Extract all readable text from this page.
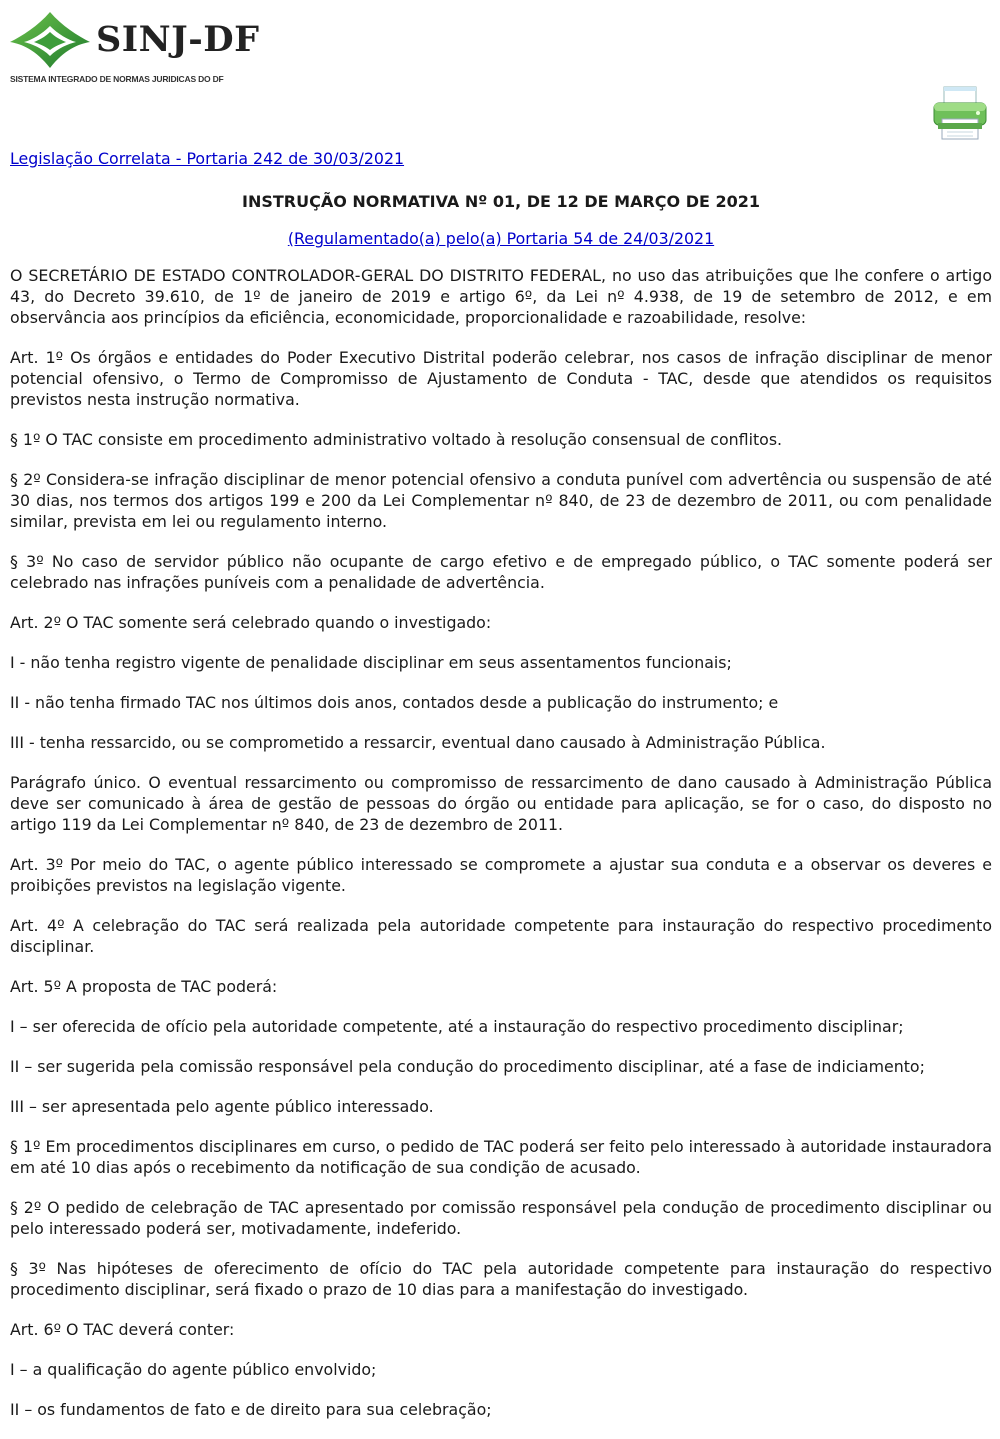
SINJ-DF
SISTEMA INTEGRADO DE NORMAS JURIDICAS DO DF

Legislação Correlata - Portaria 242 de 30/03/2021

INSTRUÇÃO NORMATIVA Nº 01, DE 12 DE MARÇO DE 2021

(Regulamentado(a) pelo(a) Portaria 54 de 24/03/2021

O SECRETÁRIO DE ESTADO CONTROLADOR-GERAL DO DISTRITO FEDERAL, no uso das atribuições que lhe confere o artigo 43, do Decreto 39.610, de 1º de janeiro de 2019 e artigo 6º, da Lei nº 4.938, de 19 de setembro de 2012, e em observância aos princípios da eficiência, economicidade, proporcionalidade e razoabilidade, resolve:

Art. 1º Os órgãos e entidades do Poder Executivo Distrital poderão celebrar, nos casos de infração disciplinar de menor potencial ofensivo, o Termo de Compromisso de Ajustamento de Conduta - TAC, desde que atendidos os requisitos previstos nesta instrução normativa.

§ 1º O TAC consiste em procedimento administrativo voltado à resolução consensual de conflitos.

§ 2º Considera-se infração disciplinar de menor potencial ofensivo a conduta punível com advertência ou suspensão de até 30 dias, nos termos dos artigos 199 e 200 da Lei Complementar nº 840, de 23 de dezembro de 2011, ou com penalidade similar, prevista em lei ou regulamento interno.

§ 3º No caso de servidor público não ocupante de cargo efetivo e de empregado público, o TAC somente poderá ser celebrado nas infrações puníveis com a penalidade de advertência.

Art. 2º O TAC somente será celebrado quando o investigado:

I - não tenha registro vigente de penalidade disciplinar em seus assentamentos funcionais;

II - não tenha firmado TAC nos últimos dois anos, contados desde a publicação do instrumento; e

III - tenha ressarcido, ou se comprometido a ressarcir, eventual dano causado à Administração Pública.

Parágrafo único. O eventual ressarcimento ou compromisso de ressarcimento de dano causado à Administração Pública deve ser comunicado à área de gestão de pessoas do órgão ou entidade para aplicação, se for o caso, do disposto no artigo 119 da Lei Complementar nº 840, de 23 de dezembro de 2011.

Art. 3º Por meio do TAC, o agente público interessado se compromete a ajustar sua conduta e a observar os deveres e proibições previstos na legislação vigente.

Art. 4º A celebração do TAC será realizada pela autoridade competente para instauração do respectivo procedimento disciplinar.

Art. 5º A proposta de TAC poderá:

I – ser oferecida de ofício pela autoridade competente, até a instauração do respectivo procedimento disciplinar;

II – ser sugerida pela comissão responsável pela condução do procedimento disciplinar, até a fase de indiciamento;

III – ser apresentada pelo agente público interessado.

§ 1º Em procedimentos disciplinares em curso, o pedido de TAC poderá ser feito pelo interessado à autoridade instauradora em até 10 dias após o recebimento da notificação de sua condição de acusado.

§ 2º O pedido de celebração de TAC apresentado por comissão responsável pela condução de procedimento disciplinar ou pelo interessado poderá ser, motivadamente, indeferido.

§ 3º Nas hipóteses de oferecimento de ofício do TAC pela autoridade competente para instauração do respectivo procedimento disciplinar, será fixado o prazo de 10 dias para a manifestação do investigado.

Art. 6º O TAC deverá conter:

I – a qualificação do agente público envolvido;

II – os fundamentos de fato e de direito para sua celebração;
